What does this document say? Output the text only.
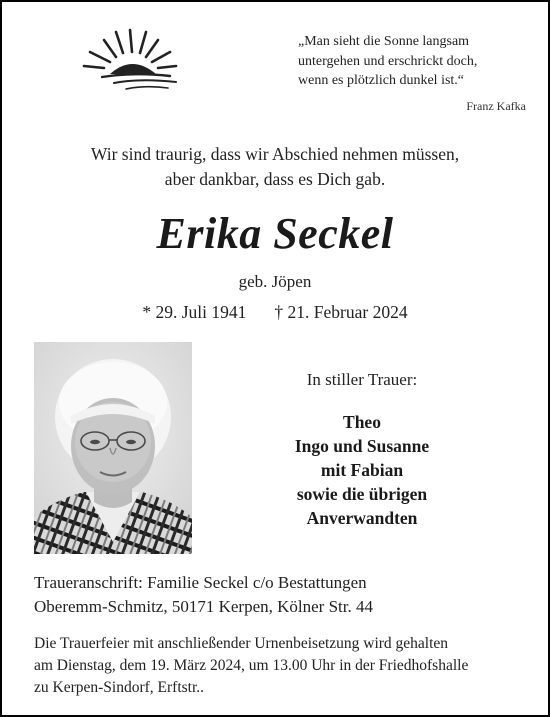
„Man sieht die Sonne langsam
untergehen und erschrickt doch,
wenn es plötzlich dunkel ist.“
Franz Kafka
Wir sind traurig, dass wir Abschied nehmen müssen,
aber dankbar, dass es Dich gab.
Erika Seckel
geb. Jöpen
* 29. Juli 1941 † 21. Februar 2024
In stiller Trauer:
Theo
Ingo und Susanne
mit Fabian
sowie die übrigen
Anverwandten
Traueranschrift: Familie Seckel c/o Bestattungen
Oberemm-Schmitz, 50171 Kerpen, Kölner Str. 44
Die Trauerfeier mit anschließender Urnenbeisetzung wird gehalten
am Dienstag, dem 19. März 2024, um 13.00 Uhr in der Friedhofshalle
zu Kerpen-Sindorf, Erftstr..
